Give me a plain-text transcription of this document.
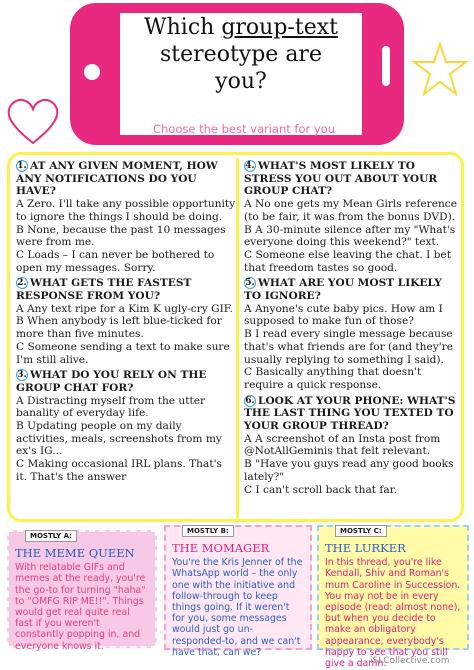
Which group-text
stereotype are
you?
Choose the best variant for you

1. AT ANY GIVEN MOMENT, HOW ANY NOTIFICATIONS DO YOU HAVE?

A Zero. I'll take any possible opportunity to ignore the things I should be doing.

B None, because the past 10 messages were from me.

C Loads – I can never be bothered to open my messages. Sorry.

2. WHAT GETS THE FASTEST RESPONSE FROM YOU?

A Any text ripe for a Kim K ugly-cry GIF.

B When anybody is left blue-ticked for more than five minutes.

C Someone sending a text to make sure I'm still alive.

3. WHAT DO YOU RELY ON THE GROUP CHAT FOR?

A Distracting myself from the utter banality of everyday life.

B Updating people on my daily activities, meals, screenshots from my ex's IG...

C Making occasional IRL plans. That's it. That's the answer

4. WHAT'S MOST LIKELY TO STRESS YOU OUT ABOUT YOUR GROUP CHAT?

A No one gets my Mean Girls reference (to be fair, it was from the bonus DVD).

B A 30-minute silence after my "What's everyone doing this weekend?" text.

C Someone else leaving the chat. I bet that freedom tastes so good.

5. WHAT ARE YOU MOST LIKELY TO IGNORE?

A Anyone's cute baby pics. How am I supposed to make fun of those?

B I read every single message because that's what friends are for (and they're usually replying to something I said).

C Basically anything that doesn't require a quick response.

6. LOOK AT YOUR PHONE: WHAT'S THE LAST THING YOU TEXTED TO YOUR GROUP THREAD?

A A screenshot of an Insta post from @NotAllGeminis that felt relevant.

B "Have you guys read any good books lately?"

C I can't scroll back that far.

MOSTLY A:
THE MEME QUEEN
With relatable GIFs and memes at the ready, you're the go-to for turning "haha" to "OMFG RIP ME!!". Things would get real quite real fast if you weren't constantly popping in, and everyone knows it.
MOSTLY B:
THE MOMAGER
You're the Kris Jenner of the WhatsApp world – the only one with the initiative and follow-through to keep things going. If it weren't for you, some messages would just go un-responded-to, and we can't have that, can we?
MOSTLY C:
THE LURKER
In this thread, you're like Kendall, Shiv and Roman's mum Caroline in Succession. You may not be in every episode (read: almost none), but when you decide to make an obligatory appearance, everybody's happy to see that you still give a damn.
iSLCollective.com
